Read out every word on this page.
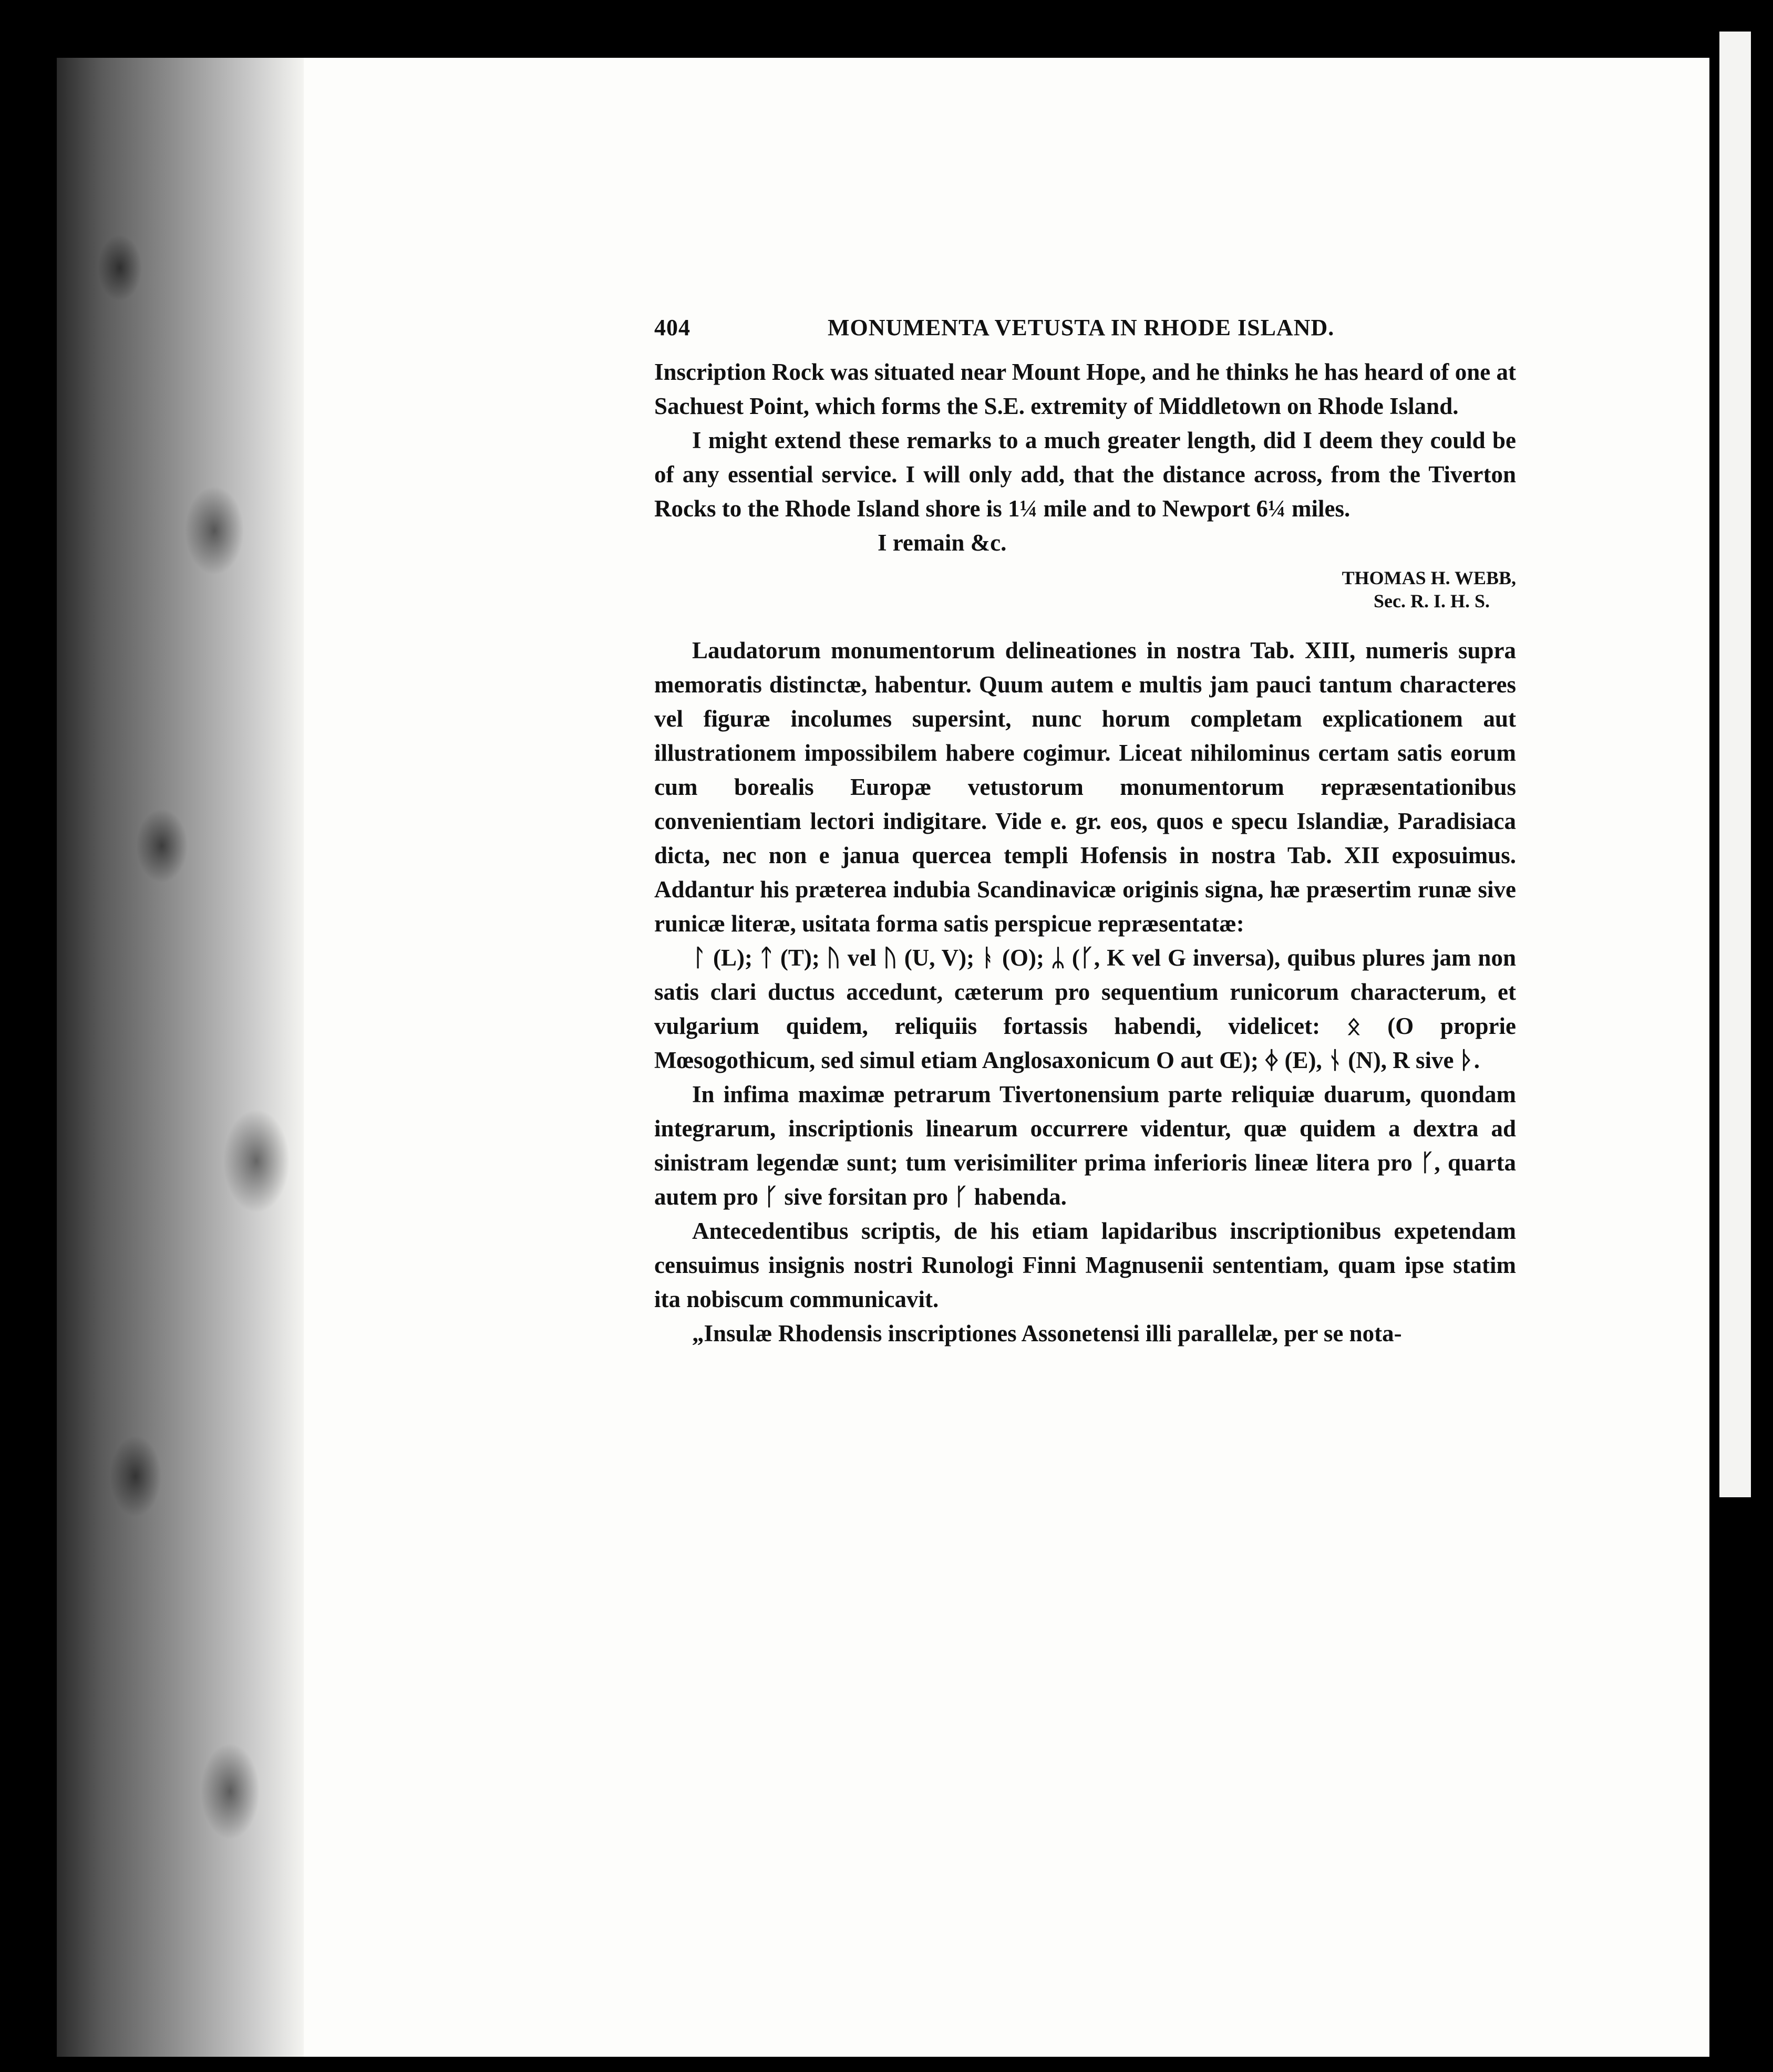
404	MONUMENTA VETUSTA IN RHODE ISLAND.

Inscription Rock was situated near Mount Hope, and he thinks he has heard of one at Sachuest Point, which forms the S.E. extremity of Middletown on Rhode Island.

I might extend these remarks to a much greater length, did I deem they could be of any essential service. I will only add, that the distance across, from the Tiverton Rocks to the Rhode Island shore is 1¼ mile and to Newport 6¼ miles.

I remain &c.

THOMAS H. WEBB,
Sec. R. I. H. S.

Laudatorum monumentorum delineationes in nostra Tab. XIII, numeris supra memoratis distinctæ, habentur. Quum autem e multis jam pauci tantum characteres vel figuræ incolumes supersint, nunc horum completam explicationem aut illustrationem impossibilem habere cogimur. Liceat nihilominus certam satis eorum cum borealis Europæ vetustorum monumentorum repræsentationibus convenientiam lectori indigitare. Vide e. gr. eos, quos e specu Islandiæ, Paradisiaca dicta, nec non e janua quercea templi Hofensis in nostra Tab. XII exposuimus. Addantur his præterea indubia Scandinavicæ originis signa, hæ præsertim runæ sive runicæ literæ, usitata forma satis perspicue repræsentatæ:

ᛚ (L); ᛏ (T); ᚢ vel ᚢ (U, V); ᚭ (O); ᛦ (ᚴ, K vel G inversa), quibus plures jam non satis clari ductus accedunt, cæterum pro sequentium runicorum characterum, et vulgarium quidem, reliquiis fortassis habendi, videlicet: ᛟ (O proprie Mœsogothicum, sed simul etiam Anglosaxonicum O aut Œ); ᛄ (E), ᚾ (N), R sive ᚦ.

In infima maximæ petrarum Tivertonensium parte reliquiæ duarum, quondam integrarum, inscriptionis linearum occurrere videntur, quæ quidem a dextra ad sinistram legendæ sunt; tum verisimiliter prima inferioris lineæ litera pro ᚴ, quarta autem pro ᚴ sive forsitan pro ᚴ habenda.

Antecedentibus scriptis, de his etiam lapidaribus inscriptionibus expetendam censuimus insignis nostri Runologi Finni Magnusenii sententiam, quam ipse statim ita nobiscum communicavit.

„Insulæ Rhodensis inscriptiones Assonetensi illi parallelæ, per se nota-
